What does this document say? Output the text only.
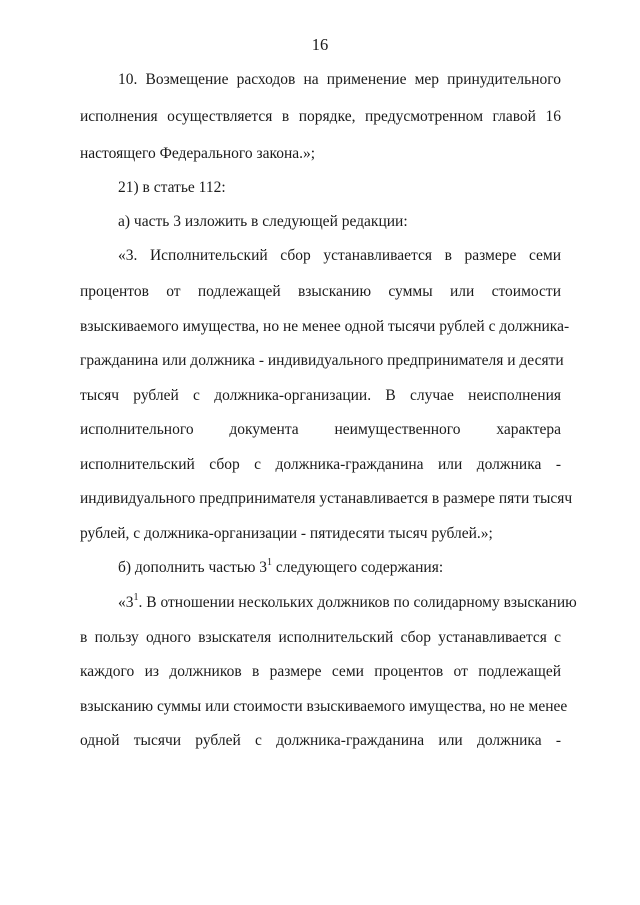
16
10. Возмещение расходов на применение мер принудительного
исполнения осуществляется в порядке, предусмотренном главой 16
настоящего Федерального закона.»;
21) в статье 112:
а) часть 3 изложить в следующей редакции:
«3. Исполнительский сбор устанавливается в размере семи
процентов от подлежащей взысканию суммы или стоимости
взыскиваемого имущества, но не менее одной тысячи рублей с должника-
гражданина или должника - индивидуального предпринимателя и десяти
тысяч рублей с должника-организации. В случае неисполнения
исполнительного документа неимущественного характера
исполнительский сбор с должника-гражданина или должника -
индивидуального предпринимателя устанавливается в размере пяти тысяч
рублей, с должника-организации - пятидесяти тысяч рублей.»;
б) дополнить частью $3^1$ следующего содержания:
«$3^1$. В отношении нескольких должников по солидарному взысканию
в пользу одного взыскателя исполнительский сбор устанавливается с
каждого из должников в размере семи процентов от подлежащей
взысканию суммы или стоимости взыскиваемого имущества, но не менее
одной тысячи рублей с должника-гражданина или должника -
